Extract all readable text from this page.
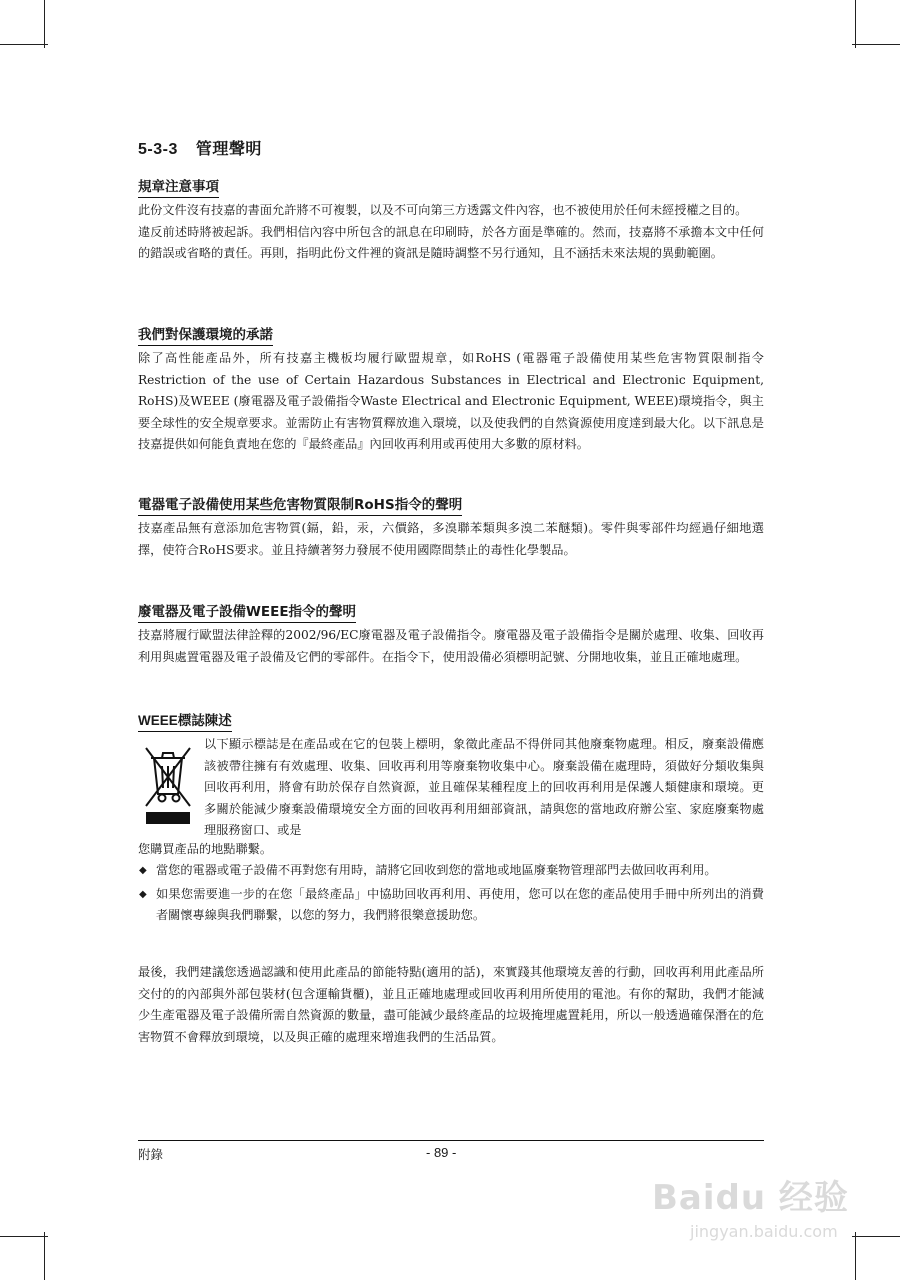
5-3-3 管理聲明
規章注意事項

此份文件沒有技嘉的書面允許將不可複製，以及不可向第三方透露文件內容，也不被使用於任何未經授權之目的。

違反前述時將被起訴。我們相信內容中所包含的訊息在印刷時，於各方面是準確的。然而，技嘉將不承擔本文中任何的錯誤或省略的責任。再則，指明此份文件裡的資訊是隨時調整不另行通知，且不涵括未來法規的異動範圍。

我們對保護環境的承諾

除了高性能產品外，所有技嘉主機板均履行歐盟規章，如RoHS (電器電子設備使用某些危害物質限制指令 Restriction of the use of Certain Hazardous Substances in Electrical and Electronic Equipment, RoHS)及WEEE (廢電器及電子設備指令Waste Electrical and Electronic Equipment, WEEE)環境指令，與主要全球性的安全規章要求。並需防止有害物質釋放進入環境，以及使我們的自然資源使用度達到最大化。以下訊息是技嘉提供如何能負責地在您的『最終產品』內回收再利用或再使用大多數的原材料。

電器電子設備使用某些危害物質限制RoHS指令的聲明

技嘉產品無有意添加危害物質(鎘，鉛，汞，六價鉻，多溴聯苯類與多溴二苯醚類)。零件與零部件均經過仔細地選擇，使符合RoHS要求。並且持續著努力發展不使用國際間禁止的毒性化學製品。

廢電器及電子設備WEEE指令的聲明

技嘉將履行歐盟法律詮釋的2002/96/EC廢電器及電子設備指令。廢電器及電子設備指令是關於處理、收集、回收再利用與處置電器及電子設備及它們的零部件。在指令下，使用設備必須標明記號、分開地收集，並且正確地處理。

WEEE標誌陳述
以下顯示標誌是在產品或在它的包裝上標明，象徵此產品不得併同其他廢棄物處理。相反，廢棄設備應該被帶往擁有有效處理、收集、回收再利用等廢棄物收集中心。廢棄設備在處理時，須做好分類收集與回收再利用，將會有助於保存自然資源，並且確保某種程度上的回收再利用是保護人類健康和環境。更多關於能減少廢棄設備環境安全方面的回收再利用細部資訊，請與您的當地政府辦公室、家庭廢棄物處理服務窗口、或是
您購買產品的地點聯繫。
◆ 當您的電器或電子設備不再對您有用時，請將它回收到您的當地或地區廢棄物管理部門去做回收再利用。
◆ 如果您需要進一步的在您「最終產品」中協助回收再利用、再使用，您可以在您的產品使用手冊中所列出的消費者關懷專線與我們聯繫，以您的努力，我們將很樂意援助您。

最後，我們建議您透過認識和使用此產品的節能特點(適用的話)，來實踐其他環境友善的行動，回收再利用此產品所交付的的內部與外部包裝材(包含運輸貨櫃)，並且正確地處理或回收再利用所使用的電池。有你的幫助，我們才能減少生產電器及電子設備所需自然資源的數量，盡可能減少最終產品的垃圾掩埋處置耗用，所以一般透過確保潛在的危害物質不會釋放到環境，以及與正確的處理來增進我們的生活品質。

附錄	- 89 -
Baidu 经验
jingyan.baidu.com
